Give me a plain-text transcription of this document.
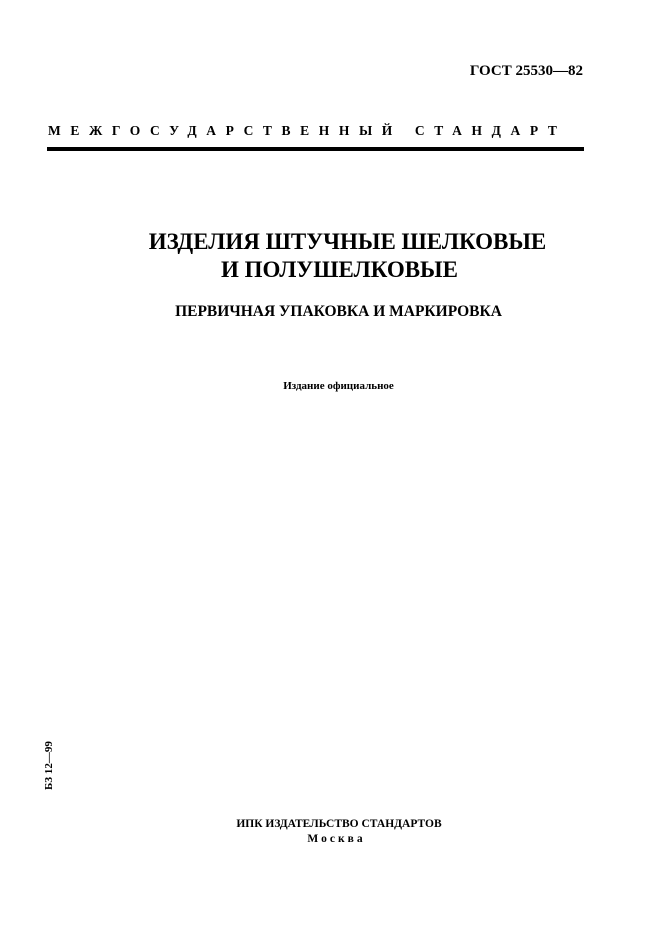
ГОСТ 25530—82
МЕЖГОСУДАРСТВЕННЫЙ СТАНДАРТ
ИЗДЕЛИЯ ШТУЧНЫЕ ШЕЛКОВЫЕ
И ПОЛУШЕЛКОВЫЕ
ПЕРВИЧНАЯ УПАКОВКА И МАРКИРОВКА
Издание официальное
БЗ 12—99
ИПК ИЗДАТЕЛЬСТВО СТАНДАРТОВ
Москва
